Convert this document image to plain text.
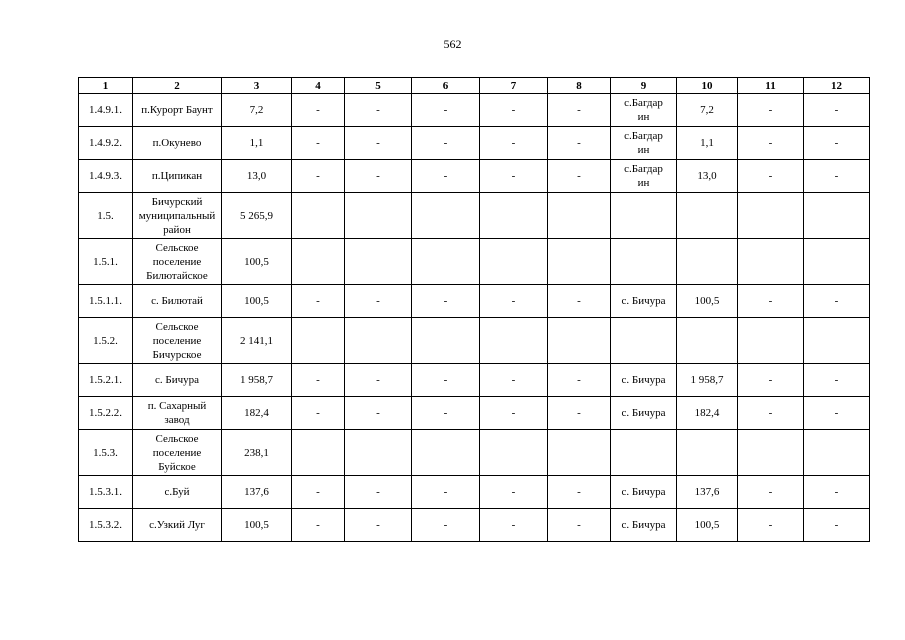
562
1	2	3	4	5	6	7	8	9	10	11	12
1.4.9.1.	п.Курорт Баунт	7,2	-	-	-	-	-	с.Багдарин	7,2	-	-
1.4.9.2.	п.Окунево	1,1	-	-	-	-	-	с.Багдарин	1,1	-	-
1.4.9.3.	п.Ципикан	13,0	-	-	-	-	-	с.Багдарин	13,0	-	-
1.5.	Бичурский муниципальный район	5 265,9									
1.5.1.	Сельское поселение Билютайское	100,5									
1.5.1.1.	с. Билютай	100,5	-	-	-	-	-	с. Бичура	100,5	-	-
1.5.2.	Сельское поселение Бичурское	2 141,1									
1.5.2.1.	с. Бичура	1 958,7	-	-	-	-	-	с. Бичура	1 958,7	-	-
1.5.2.2.	п. Сахарный завод	182,4	-	-	-	-	-	с. Бичура	182,4	-	-
1.5.3.	Сельское поселение Буйское	238,1									
1.5.3.1.	с.Буй	137,6	-	-	-	-	-	с. Бичура	137,6	-	-
1.5.3.2.	с.Узкий Луг	100,5	-	-	-	-	-	с. Бичура	100,5	-	-
